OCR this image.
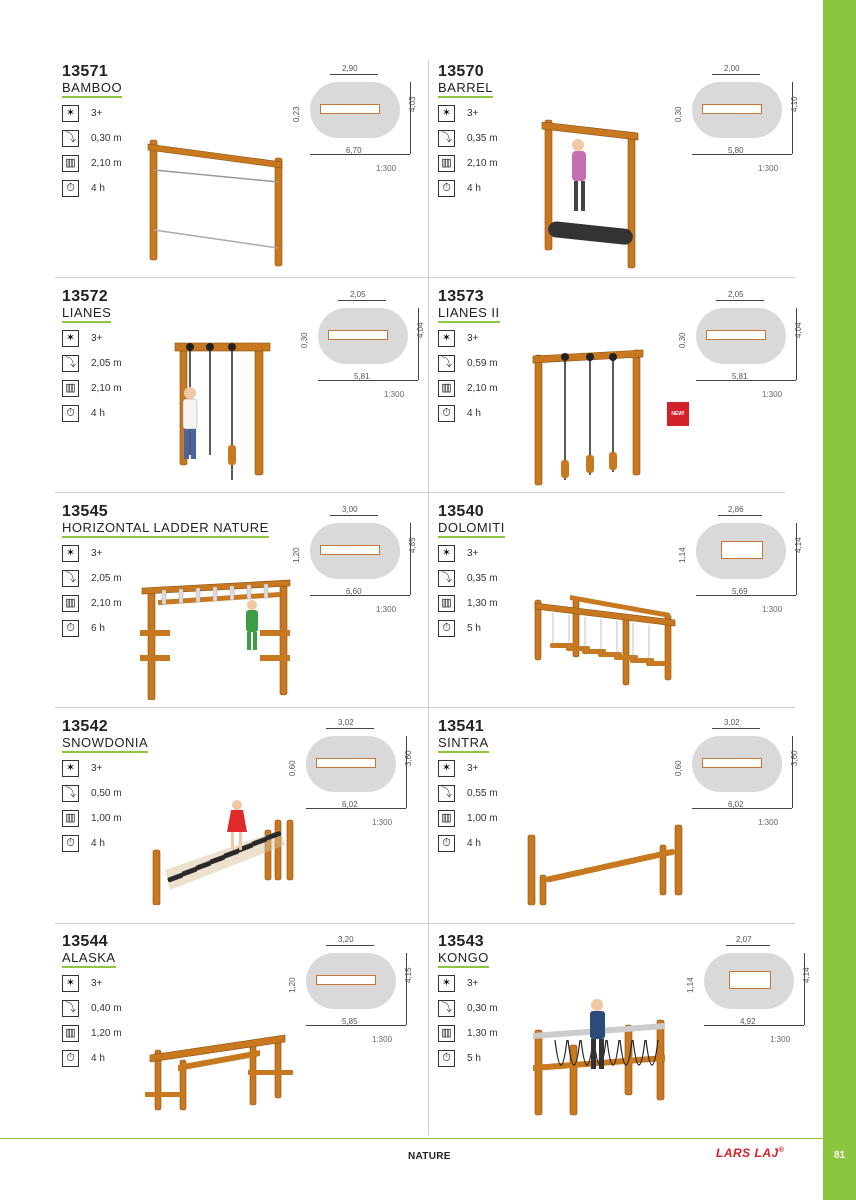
81
NATURE	LARS LAJ®
13571
BAMBOO
✶	3+
⤵	0,30 m
▥	2,10 m
⏱	4 h
2,90
6,70
4,03
0,23
1:300
13570
BARREL
✶	3+
⤵	0,35 m
▥	2,10 m
⏱	4 h
2,00
5,80
4,10
0,30
1:300
13572
LIANES
✶	3+
⤵	2,05 m
▥	2,10 m
⏱	4 h
2,05
5,81
4,04
0,30
1:300
13573
LIANES II
✶	3+
⤵	0,59 m
▥	2,10 m
⏱	4 h
2,05
5,81
4,04
0,30
1:300
NEW!
13545
HORIZONTAL LADDER NATURE
✶	3+
⤵	2,05 m
▥	2,10 m
⏱	6 h
3,00
6,60
4,85
1,20
1:300
13540
DOLOMITI
✶	3+
⤵	0,35 m
▥	1,30 m
⏱	5 h
2,86
5,69
4,14
1,14
1:300
13542
SNOWDONIA
✶	3+
⤵	0,50 m
▥	1,00 m
⏱	4 h
3,02
6,02
3,60
0,60
1:300
13541
SINTRA
✶	3+
⤵	0,55 m
▥	1,00 m
⏱	4 h
3,02
6,02
3,60
0,60
1:300
13544
ALASKA
✶	3+
⤵	0,40 m
▥	1,20 m
⏱	4 h
3,20
5,85
4,15
1,20
1:300
13543
KONGO
✶	3+
⤵	0,30 m
▥	1,30 m
⏱	5 h
2,07
4,92
4,14
1,14
1:300
